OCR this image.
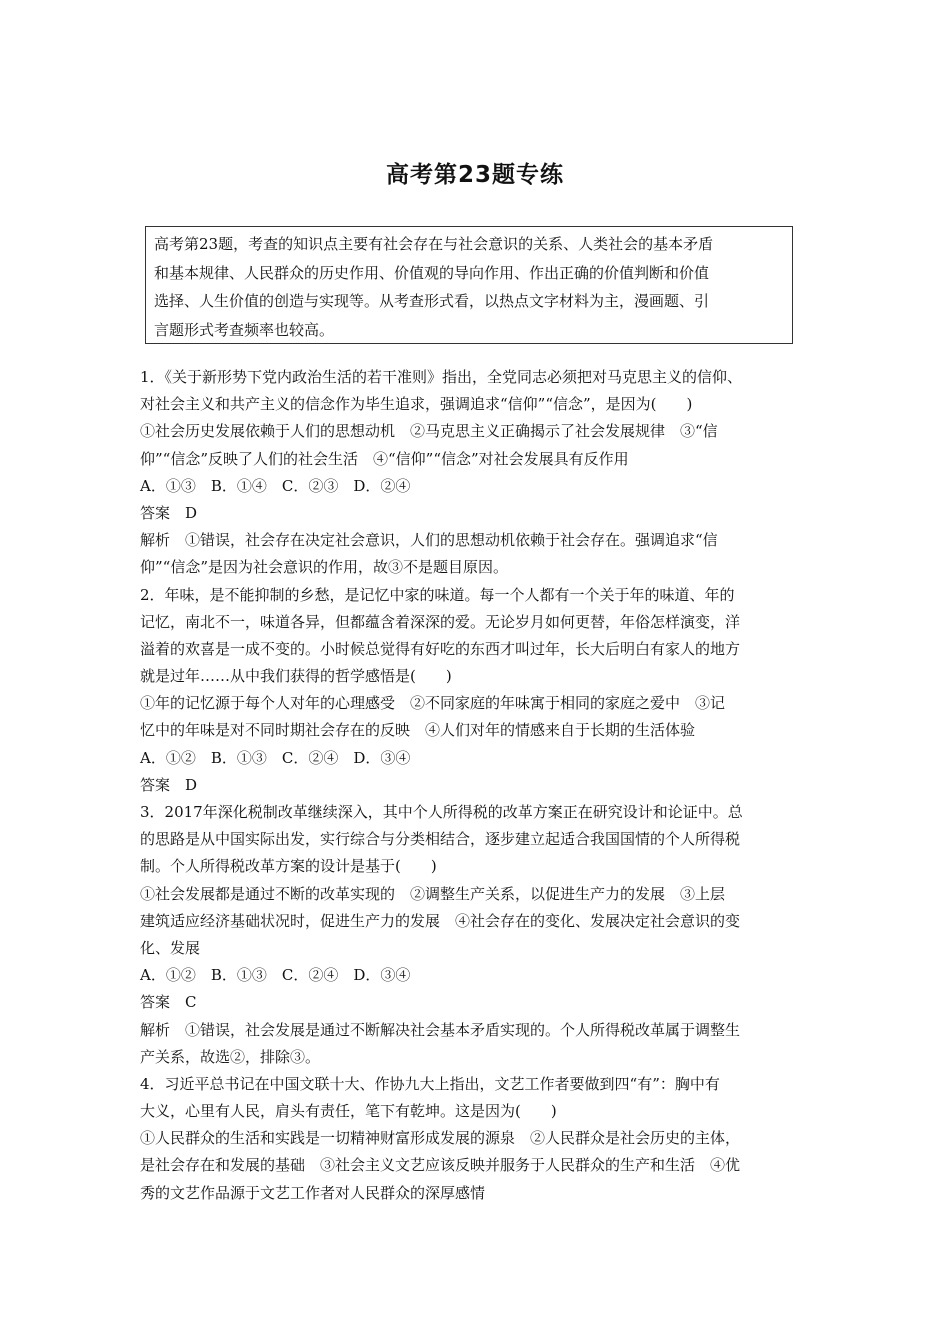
高考第23题专练
高考第23题，考查的知识点主要有社会存在与社会意识的关系、人类社会的基本矛盾
和基本规律、人民群众的历史作用、价值观的导向作用、作出正确的价值判断和价值
选择、人生价值的创造与实现等。从考查形式看，以热点文字材料为主，漫画题、引
言题形式考查频率也较高。
1．《关于新形势下党内政治生活的若干准则》指出，全党同志必须把对马克思主义的信仰、
对社会主义和共产主义的信念作为毕生追求，强调追求“信仰”“信念”，是因为(　　)
①社会历史发展依赖于人们的思想动机　②马克思主义正确揭示了社会发展规律　③“信
仰”“信念”反映了人们的社会生活　④“信仰”“信念”对社会发展具有反作用
A．①③　B．①④　C．②③　D．②④
答案　D
解析　①错误，社会存在决定社会意识，人们的思想动机依赖于社会存在。强调追求“信
仰”“信念”是因为社会意识的作用，故③不是题目原因。
2．年味，是不能抑制的乡愁，是记忆中家的味道。每一个人都有一个关于年的味道、年的
记忆，南北不一，味道各异，但都蕴含着深深的爱。无论岁月如何更替，年俗怎样演变，洋
溢着的欢喜是一成不变的。小时候总觉得有好吃的东西才叫过年，长大后明白有家人的地方
就是过年……从中我们获得的哲学感悟是(　　)
①年的记忆源于每个人对年的心理感受　②不同家庭的年味寓于相同的家庭之爱中　③记
忆中的年味是对不同时期社会存在的反映　④人们对年的情感来自于长期的生活体验
A．①②　B．①③　C．②④　D．③④
答案　D
3．2017年深化税制改革继续深入，其中个人所得税的改革方案正在研究设计和论证中。总
的思路是从中国实际出发，实行综合与分类相结合，逐步建立起适合我国国情的个人所得税
制。个人所得税改革方案的设计是基于(　　)
①社会发展都是通过不断的改革实现的　②调整生产关系，以促进生产力的发展　③上层
建筑适应经济基础状况时，促进生产力的发展　④社会存在的变化、发展决定社会意识的变
化、发展
A．①②　B．①③　C．②④　D．③④
答案　C
解析　①错误，社会发展是通过不断解决社会基本矛盾实现的。个人所得税改革属于调整生
产关系，故选②，排除③。
4．习近平总书记在中国文联十大、作协九大上指出，文艺工作者要做到四“有”：胸中有
大义，心里有人民，肩头有责任，笔下有乾坤。这是因为(　　)
①人民群众的生活和实践是一切精神财富形成发展的源泉　②人民群众是社会历史的主体，
是社会存在和发展的基础　③社会主义文艺应该反映并服务于人民群众的生产和生活　④优
秀的文艺作品源于文艺工作者对人民群众的深厚感情
